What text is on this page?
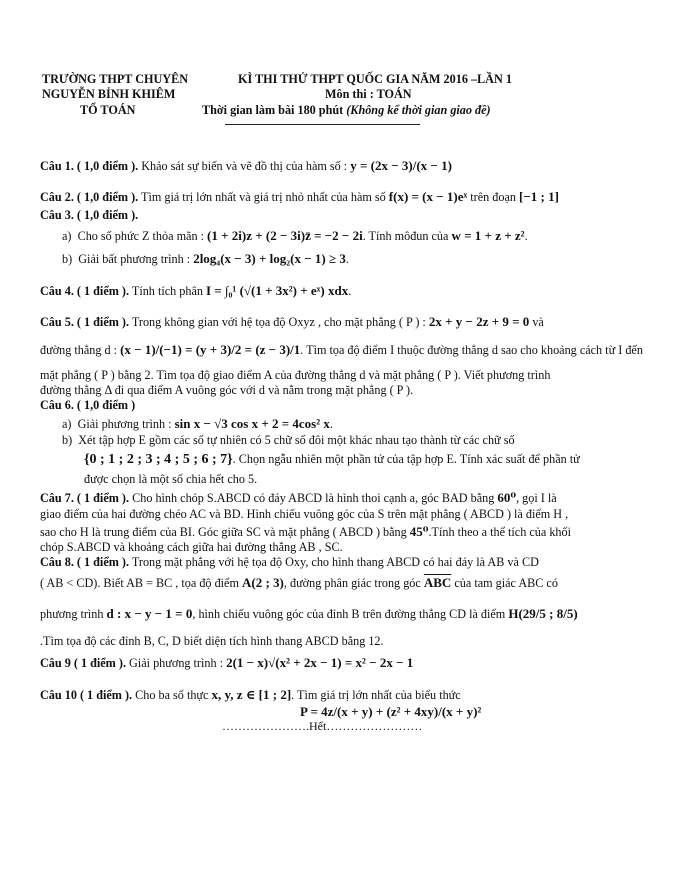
TRƯỜNG THPT CHUYÊN
NGUYỄN BỈNH KHIÊM
TỔ TOÁN
KÌ THI THỬ THPT QUỐC GIA NĂM 2016 –LẦN 1
Môn thi : TOÁN
Thời gian làm bài 180 phút (Không kể thời gian giao đề)
Câu 1. ( 1,0 điểm ). Khảo sát sự biến và vẽ đồ thị của hàm số : y = (2x − 3)/(x − 1)
Câu 2. ( 1,0 điểm ). Tìm giá trị lớn nhất và giá trị nhỏ nhất của hàm số f(x) = (x − 1)eˣ trên đoạn [−1 ; 1]
Câu 3. ( 1,0 điểm ).
a) Cho số phức Z thỏa mãn : (1 + 2i)z + (2 − 3i)z̄ = −2 − 2i. Tính môđun của w = 1 + z + z².
b) Giải bất phương trình : 2log₄(x − 3) + log₂(x − 1) ≥ 3.
Câu 4. ( 1 điểm ). Tính tích phân I = ∫₀¹ (√(1 + 3x²) + eˣ) xdx.
Câu 5. ( 1 điểm ). Trong không gian với hệ tọa độ Oxyz , cho mặt phẳng ( P ) : 2x + y − 2z + 9 = 0 và
đường thẳng d : (x − 1)/(−1) = (y + 3)/2 = (z − 3)/1. Tìm tọa độ điểm I thuộc đường thẳng d sao cho khoảng cách từ I đến
mặt phẳng ( P ) bằng 2. Tìm tọa độ giao điểm A của đường thẳng d và mặt phẳng ( P ). Viết phương trình
đường thẳng Δ đi qua điểm A vuông góc với d và nằm trong mặt phẳng ( P ).
Câu 6. ( 1,0 điểm )
a) Giải phương trình : sin x − √3 cos x + 2 = 4cos² x.
b) Xét tập hợp E gồm các số tự nhiên có 5 chữ số đôi một khác nhau tạo thành từ các chữ số
{0 ; 1 ; 2 ; 3 ; 4 ; 5 ; 6 ; 7}. Chọn ngẫu nhiên một phần tử của tập hợp E. Tính xác suất để phần tử
được chọn là một số chia hết cho 5.
Câu 7. ( 1 điểm ). Cho hình chóp S.ABCD có đáy ABCD là hình thoi cạnh a, góc BAD bằng 60⁰, gọi I là
giao điểm của hai đường chéo AC và BD. Hình chiếu vuông góc của S trên mặt phẳng ( ABCD ) là điểm H ,
sao cho H là trung điểm của BI. Góc giữa SC và mặt phẳng ( ABCD ) bằng 45⁰.Tính theo a thể tích của khối
chóp S.ABCD và khoảng cách giữa hai đường thẳng AB , SC.
Câu 8. ( 1 điểm ). Trong mặt phẳng với hệ tọa độ Oxy, cho hình thang ABCD có hai đáy là AB và CD
( AB < CD). Biết AB = BC , tọa độ điểm A(2 ; 3), đường phân giác trong góc $\overline{ABC}$ của tam giác ABC có
phương trình d : x − y − 1 = 0, hình chiếu vuông góc của đỉnh B trên đường thẳng CD là điểm H(29/5 ; 8/5)
.Tìm tọa độ các đỉnh B, C, D biết diện tích hình thang ABCD bằng 12.
Câu 9 ( 1 điểm ). Giải phương trình : 2(1 − x)√(x² + 2x − 1) = x² − 2x − 1
Câu 10 ( 1 điểm ). Cho ba số thực x, y, z ∈ [1 ; 2]. Tìm giá trị lớn nhất của biểu thức
P = 4z/(x + y) + (z² + 4xy)/(x + y)²
………………….Hết……………………
